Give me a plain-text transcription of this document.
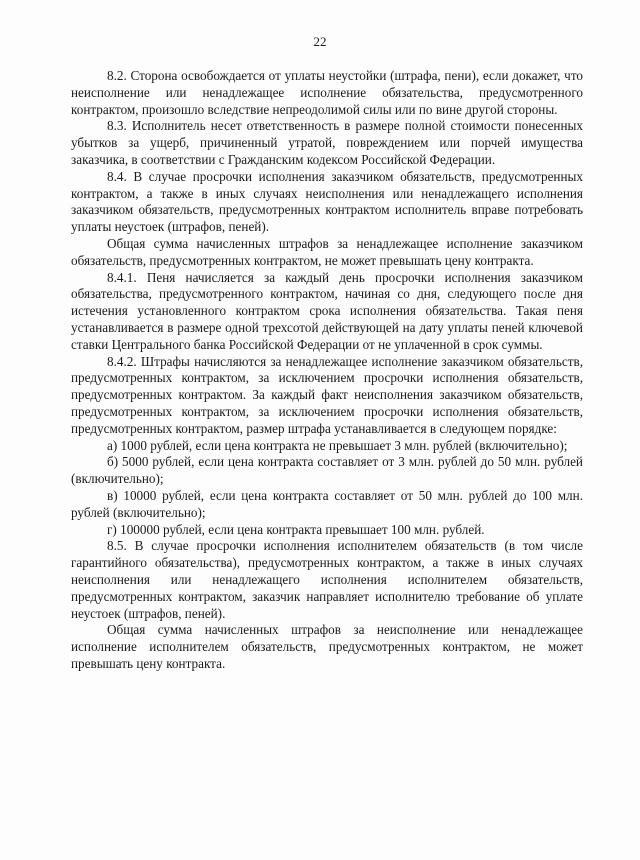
22

8.2. Сторона освобождается от уплаты неустойки (штрафа, пени), если докажет, что неисполнение или ненадлежащее исполнение обязательства, предусмотренного контрактом, произошло вследствие непреодолимой силы или по вине другой стороны.

8.3. Исполнитель несет ответственность в размере полной стоимости понесенных убытков за ущерб, причиненный утратой, повреждением или порчей имущества заказчика, в соответствии с Гражданским кодексом Российской Федерации.

8.4. В случае просрочки исполнения заказчиком обязательств, предусмотренных контрактом, а также в иных случаях неисполнения или ненадлежащего исполнения заказчиком обязательств, предусмотренных контрактом исполнитель вправе потребовать уплаты неустоек (штрафов, пеней).

Общая сумма начисленных штрафов за ненадлежащее исполнение заказчиком обязательств, предусмотренных контрактом, не может превышать цену контракта.

8.4.1. Пеня начисляется за каждый день просрочки исполнения заказчиком обязательства, предусмотренного контрактом, начиная со дня, следующего после дня истечения установленного контрактом срока исполнения обязательства. Такая пеня устанавливается в размере одной трехсотой действующей на дату уплаты пеней ключевой ставки Центрального банка Российской Федерации от не уплаченной в срок суммы.

8.4.2. Штрафы начисляются за ненадлежащее исполнение заказчиком обязательств, предусмотренных контрактом, за исключением просрочки исполнения обязательств, предусмотренных контрактом. За каждый факт неисполнения заказчиком обязательств, предусмотренных контрактом, за исключением просрочки исполнения обязательств, предусмотренных контрактом, размер штрафа устанавливается в следующем порядке:

а) 1000 рублей, если цена контракта не превышает 3 млн. рублей (включительно);

б) 5000 рублей, если цена контракта составляет от 3 млн. рублей до 50 млн. рублей (включительно);

в) 10000 рублей, если цена контракта составляет от 50 млн. рублей до 100 млн. рублей (включительно);

г) 100000 рублей, если цена контракта превышает 100 млн. рублей.

8.5. В случае просрочки исполнения исполнителем обязательств (в том числе гарантийного обязательства), предусмотренных контрактом, а также в иных случаях неисполнения или ненадлежащего исполнения исполнителем обязательств, предусмотренных контрактом, заказчик направляет исполнителю требование об уплате неустоек (штрафов, пеней).

Общая сумма начисленных штрафов за неисполнение или ненадлежащее исполнение исполнителем обязательств, предусмотренных контрактом, не может превышать цену контракта.
